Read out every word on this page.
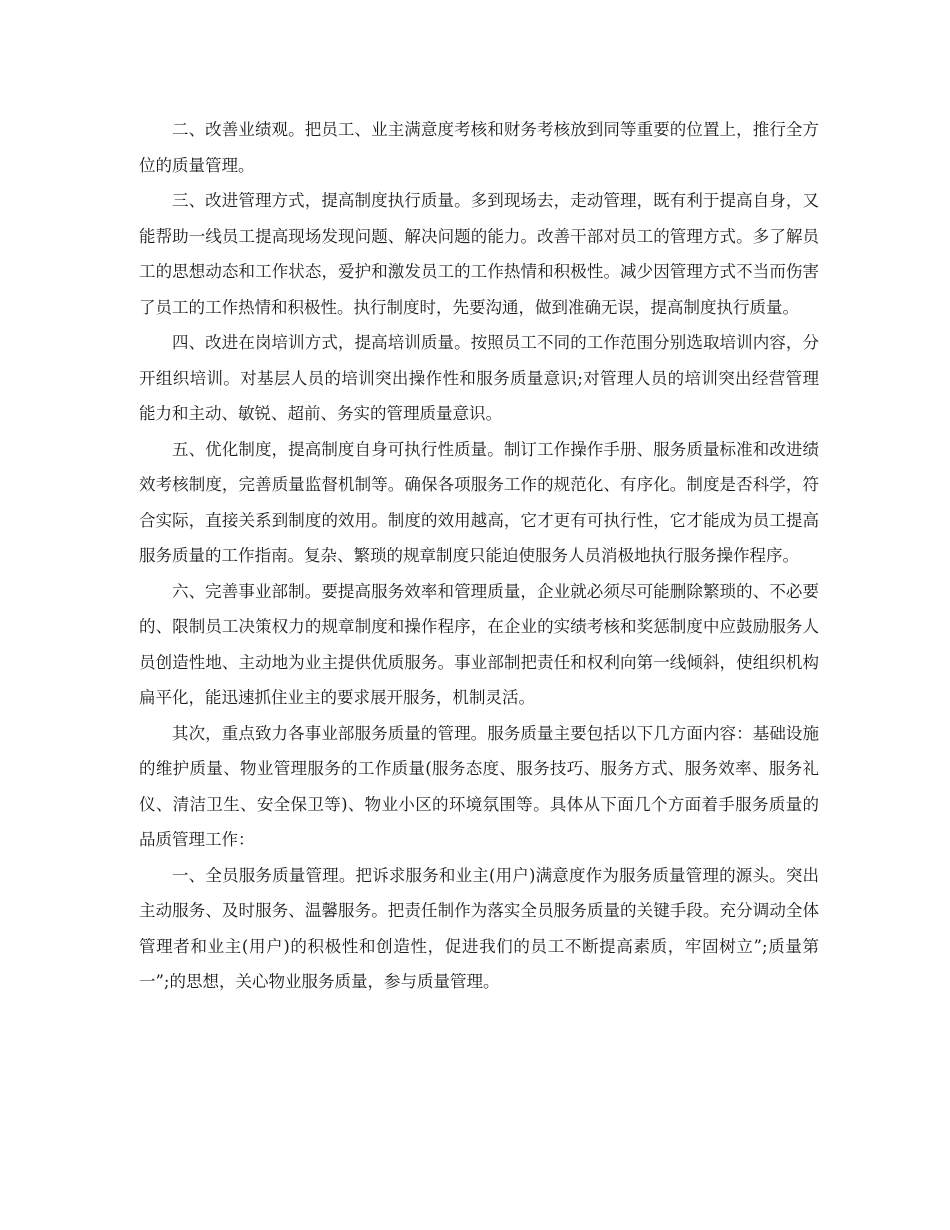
二、改善业绩观。把员工、业主满意度考核和财务考核放到同等重要的位置上，推行全方位的质量管理。

三、改进管理方式，提高制度执行质量。多到现场去，走动管理，既有利于提高自身，又能帮助一线员工提高现场发现问题、解决问题的能力。改善干部对员工的管理方式。多了解员工的思想动态和工作状态，爱护和激发员工的工作热情和积极性。减少因管理方式不当而伤害了员工的工作热情和积极性。执行制度时，先要沟通，做到准确无误，提高制度执行质量。

四、改进在岗培训方式，提高培训质量。按照员工不同的工作范围分别选取培训内容，分开组织培训。对基层人员的培训突出操作性和服务质量意识;对管理人员的培训突出经营管理能力和主动、敏锐、超前、务实的管理质量意识。

五、优化制度，提高制度自身可执行性质量。制订工作操作手册、服务质量标准和改进绩效考核制度，完善质量监督机制等。确保各项服务工作的规范化、有序化。制度是否科学，符合实际，直接关系到制度的效用。制度的效用越高，它才更有可执行性，它才能成为员工提高服务质量的工作指南。复杂、繁琐的规章制度只能迫使服务人员消极地执行服务操作程序。

六、完善事业部制。要提高服务效率和管理质量，企业就必须尽可能删除繁琐的、不必要的、限制员工决策权力的规章制度和操作程序，在企业的实绩考核和奖惩制度中应鼓励服务人员创造性地、主动地为业主提供优质服务。事业部制把责任和权利向第一线倾斜，使组织机构扁平化，能迅速抓住业主的要求展开服务，机制灵活。

其次，重点致力各事业部服务质量的管理。服务质量主要包括以下几方面内容：基础设施的维护质量、物业管理服务的工作质量(服务态度、服务技巧、服务方式、服务效率、服务礼仪、清洁卫生、安全保卫等)、物业小区的环境氛围等。具体从下面几个方面着手服务质量的品质管理工作：

一、全员服务质量管理。把诉求服务和业主(用户)满意度作为服务质量管理的源头。突出主动服务、及时服务、温馨服务。把责任制作为落实全员服务质量的关键手段。充分调动全体管理者和业主(用户)的积极性和创造性，促进我们的员工不断提高素质，牢固树立”;质量第一”;的思想，关心物业服务质量，参与质量管理。
